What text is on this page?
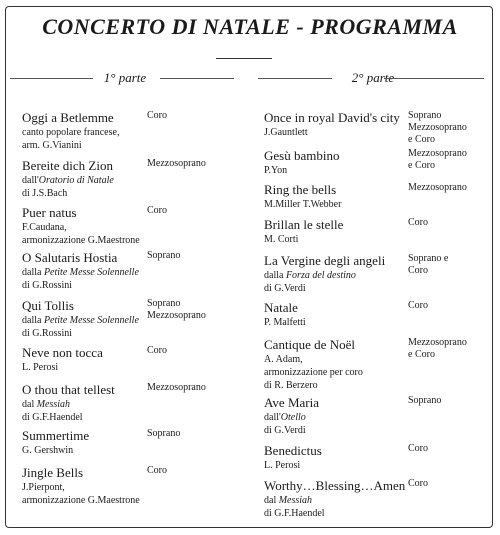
CONCERTO DI NATALE - PROGRAMMA
1° parte	2° parte
Oggi a Betlemme
canto popolare francese,
arm. G.Vianini
Coro
Bereite dich Zion
dall'Oratorio di Natale
di J.S.Bach
Mezzosoprano
Puer natus
F.Caudana,
armonizzazione G.Maestrone
Coro
O Salutaris Hostia
dalla Petite Messe Solennelle
di G.Rossini
Soprano
Qui Tollis
dalla Petite Messe Solennelle
di G.Rossini
Soprano
Mezzosoprano
Neve non tocca
L. Perosi
Coro
O thou that tellest
dal Messiah
di G.F.Haendel
Mezzosoprano
Summertime
G. Gershwin
Soprano
Jingle Bells
J.Pierpont,
armonizzazione G.Maestrone
Coro
Once in royal David's city
J.Gauntlett
Soprano
Mezzosoprano
e Coro
Gesù bambino
P.Yon
Mezzosoprano
e Coro
Ring the bells
M.Miller T.Webber
Mezzosoprano
Brillan le stelle
M. Corti
Coro
La Vergine degli angeli
dalla Forza del destino
di G.Verdi
Soprano e
Coro
Natale
P. Malfetti
Coro
Cantique de Noël
A. Adam,
armonizzazione per coro
di R. Berzero
Mezzosoprano
e Coro
Ave Maria
dall'Otello
di G.Verdi
Soprano
Benedictus
L. Perosi
Coro
Worthy…Blessing…Amen
dal Messiah
di G.F.Haendel
Coro
